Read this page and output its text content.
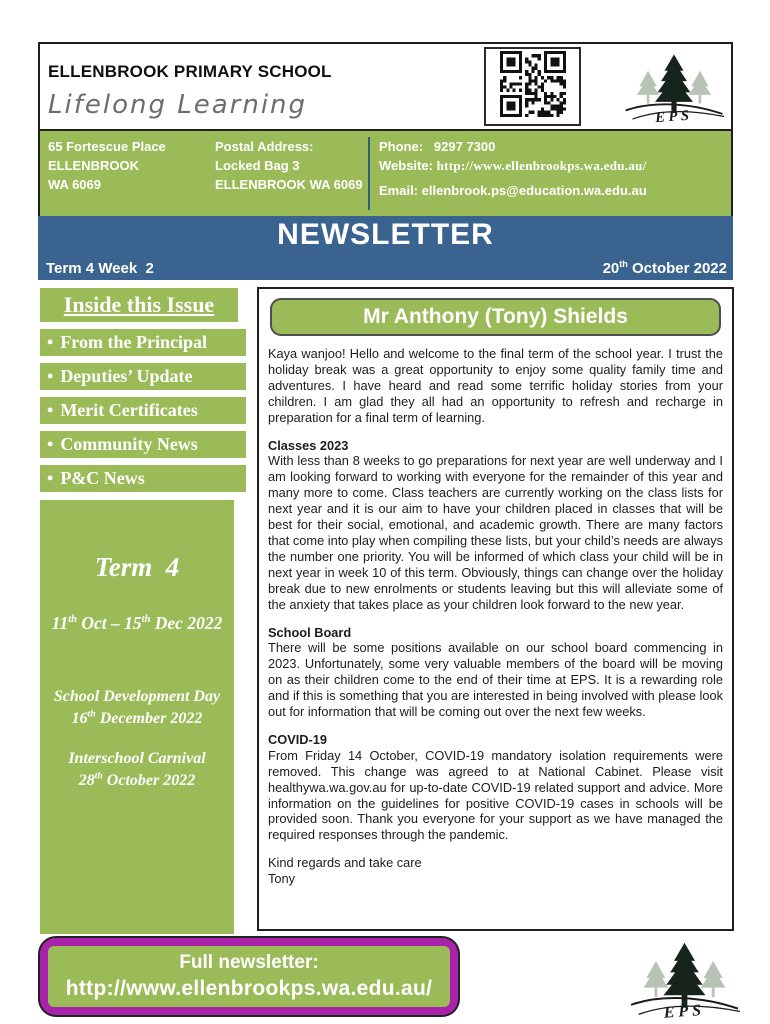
ELLENBROOK PRIMARY SCHOOL
Lifelong Learning	EPS
65 Fortescue Place
ELLENBROOK
WA 6069
Postal Address:
Locked Bag 3
ELLENBROOK WA 6069
Phone: 9297 7300
Website: http://www.ellenbrookps.wa.edu.au/
Email: ellenbrook.ps@education.wa.edu.au
NEWSLETTER
Term 4 Week  2	20th October 2022
Inside this Issue
• From the Principal
• Deputies’ Update
• Merit Certificates
• Community News
• P&C News
Term  4
11th Oct – 15th Dec 2022
School Development Day
16th December 2022
Interschool Carnival
28th October 2022
Mr Anthony (Tony) Shields
Kaya wanjoo! Hello and welcome to the final term of the school year. I trust the holiday break was a great opportunity to enjoy some quality family time and adventures. I have heard and read some terrific holiday stories from your children. I am glad they all had an opportunity to refresh and recharge in preparation for a final term of learning.
Classes 2023
With less than 8 weeks to go preparations for next year are well underway and I am looking forward to working with everyone for the remainder of this year and many more to come. Class teachers are currently working on the class lists for next year and it is our aim to have your children placed in classes that will be best for their social, emotional, and academic growth. There are many factors that come into play when compiling these lists, but your child’s needs are always the number one priority. You will be informed of which class your child will be in next year in week 10 of this term. Obviously, things can change over the holiday break due to new enrolments or students leaving but this will alleviate some of the anxiety that takes place as your children look forward to the new year.
School Board
There will be some positions available on our school board commencing in 2023. Unfortunately, some very valuable members of the board will be moving on as their children come to the end of their time at EPS. It is a rewarding role and if this is something that you are interested in being involved with please look out for information that will be coming out over the next few weeks.
COVID-19
From Friday 14 October, COVID-19 mandatory isolation requirements were removed. This change was agreed to at National Cabinet. Please visit healthywa.wa.gov.au for up-to-date COVID-19 related support and advice. More information on the guidelines for positive COVID-19 cases in schools will be provided soon. Thank you everyone for your support as we have managed the required responses through the pandemic.
Kind regards and take care
Tony
Full newsletter:
http://www.ellenbrookps.wa.edu.au/
EPS
